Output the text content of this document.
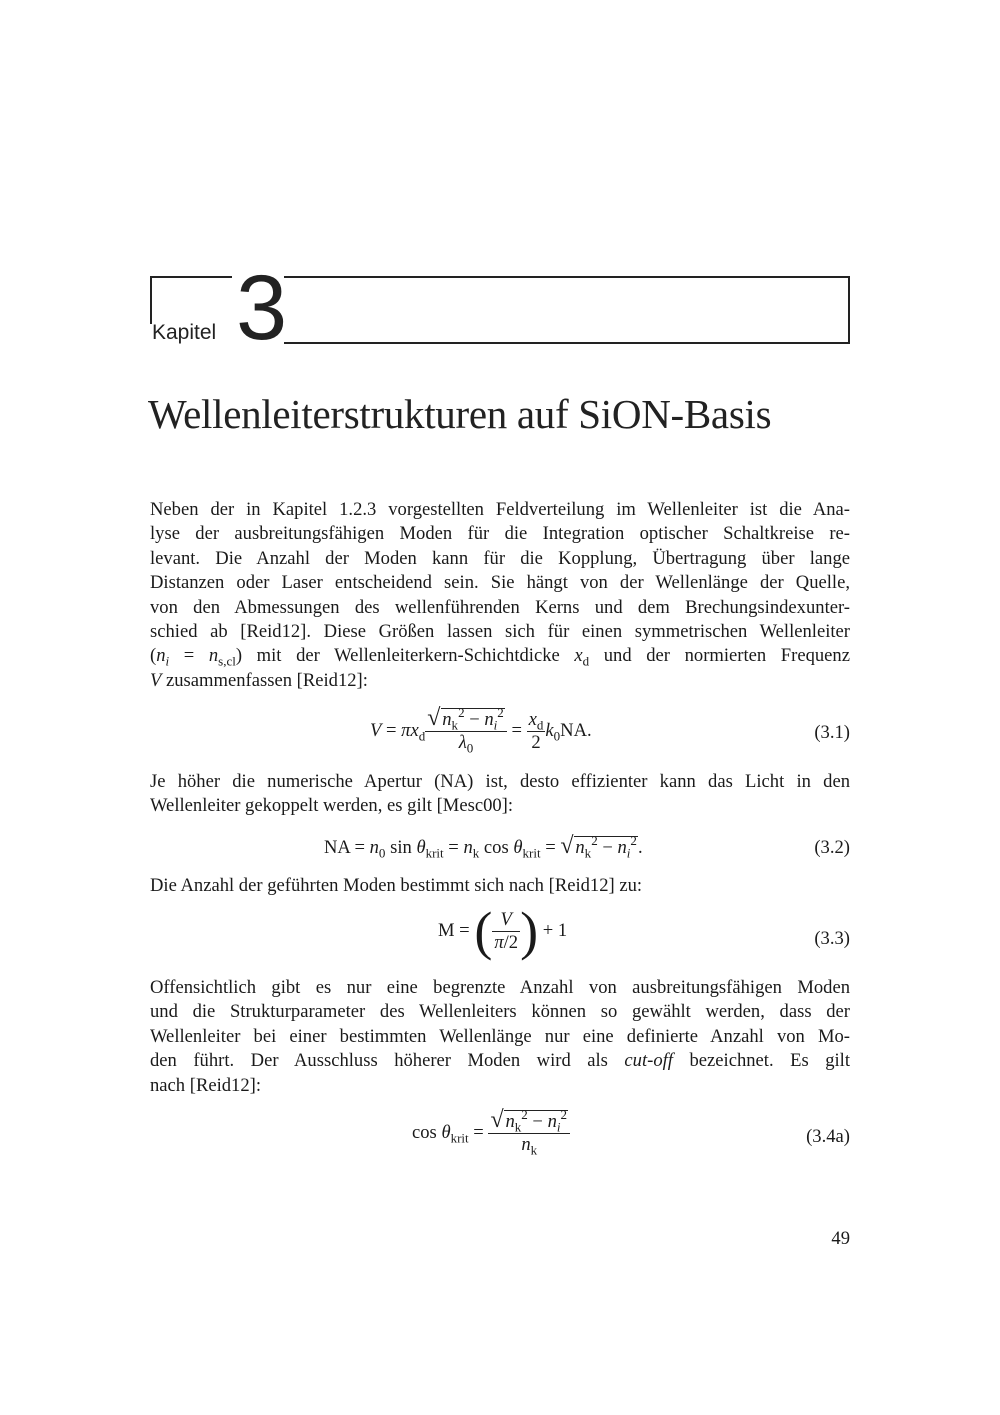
Kapitel 3
Wellenleiterstrukturen auf SiON-Basis

Neben der in Kapitel 1.2.3 vorgestellten Feldverteilung im Wellenleiter ist die Ana-
lyse der ausbreitungsfähigen Moden für die Integration optischer Schaltkreise re-
levant. Die Anzahl der Moden kann für die Kopplung, Übertragung über lange
Distanzen oder Laser entscheidend sein. Sie hängt von der Wellenlänge der Quelle,
von den Abmessungen des wellenführenden Kerns und dem Brechungsindexunter-
schied ab [Reid12]. Diese Größen lassen sich für einen symmetrischen Wellenleiter
$(n_i = n_{s,cl})$ mit der Wellenleiterkern-Schichtdicke $x_d$ und der normierten Frequenz
V zusammenfassen [Reid12]:

$V = \pi x_d \frac{√ n_k^2 - n_i^2}{\lambda_0} = \frac{x_d}{2} k_0NA$.	(3.1)

Je höher die numerische Apertur (NA) ist, desto effizienter kann das Licht in den
Wellenleiter gekoppelt werden, es gilt [Mesc00]:

NA = $n_0$ $\sin \theta_{krit} = n_k$ $\cos \theta_{krit}$ = √ $n_k^2 - n_i^2$.	(3.2)

Die Anzahl der geführten Moden bestimmt sich nach [Reid12] zu:

M = ( $\frac{V}{\pi/2}$ ) + 1	(3.3)

Offensichtlich gibt es nur eine begrenzte Anzahl von ausbreitungsfähigen Moden
und die Strukturparameter des Wellenleiters können so gewählt werden, dass der
Wellenleiter bei einer bestimmten Wellenlänge nur eine definierte Anzahl von Mo-
den führt. Der Ausschluss höherer Moden wird als cut-off bezeichnet. Es gilt
nach [Reid12]:

$\cos \theta_{krit} = \frac{√ n_k^2 - n_i^2}{n_k}$	(3.4a)
49
